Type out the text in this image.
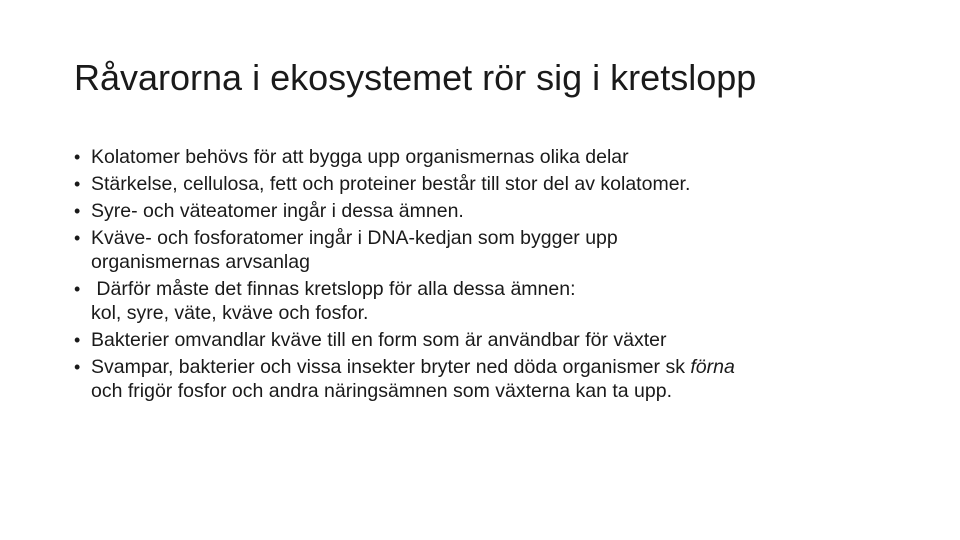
Råvarorna i ekosystemet rör sig i kretslopp
• Kolatomer behövs för att bygga upp organismernas olika delar
• Stärkelse, cellulosa, fett och proteiner består till stor del av kolatomer.
• Syre- och väteatomer ingår i dessa ämnen.
• Kväve- och fosforatomer ingår i DNA-kedjan som bygger upp
organismernas arvsanlag
• Därför måste det finnas kretslopp för alla dessa ämnen:
kol, syre, väte, kväve och fosfor.
• Bakterier omvandlar kväve till en form som är användbar för växter
• Svampar, bakterier och vissa insekter bryter ned döda organismer sk förna
och frigör fosfor och andra näringsämnen som växterna kan ta upp.
